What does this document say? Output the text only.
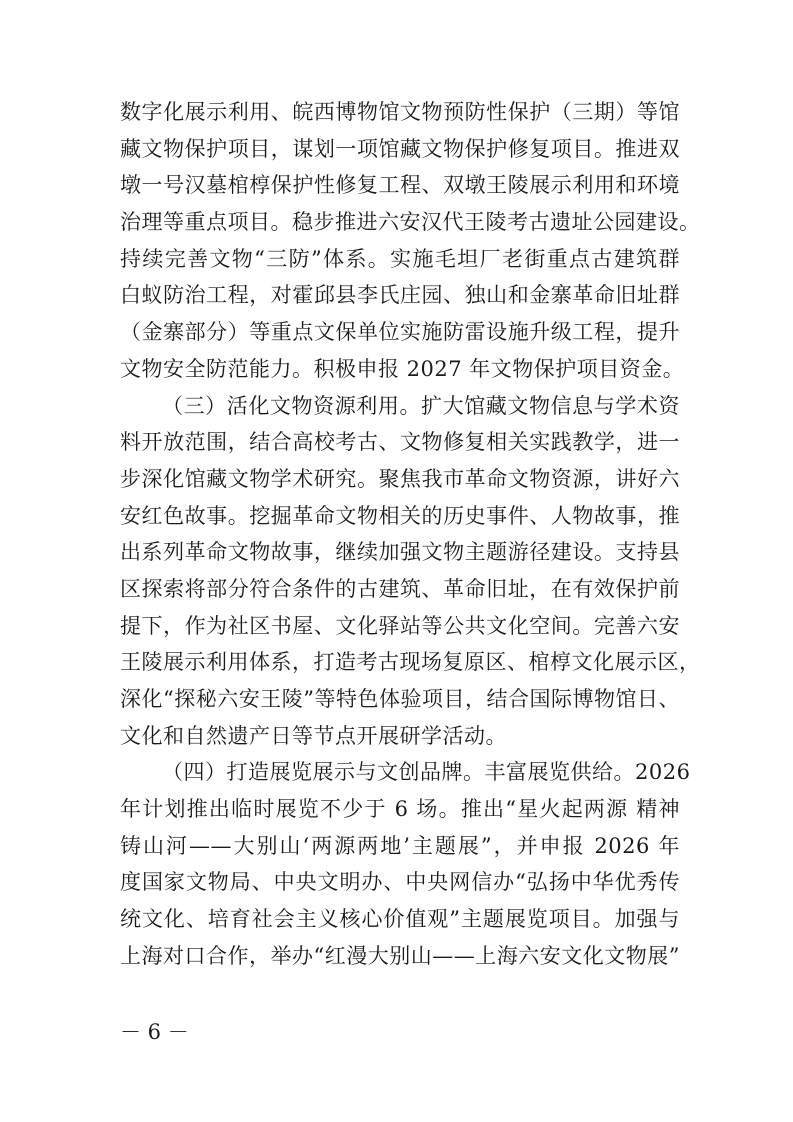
数字化展示利用、皖西博物馆文物预防性保护（三期）等馆
藏文物保护项目，谋划一项馆藏文物保护修复项目。推进双
墩一号汉墓棺椁保护性修复工程、双墩王陵展示利用和环境
治理等重点项目。稳步推进六安汉代王陵考古遗址公园建设。
持续完善文物“三防”体系。实施毛坦厂老街重点古建筑群
白蚁防治工程，对霍邱县李氏庄园、独山和金寨革命旧址群
（金寨部分）等重点文保单位实施防雷设施升级工程，提升
文物安全防范能力。积极申报 2027 年文物保护项目资金。
（三）活化文物资源利用。扩大馆藏文物信息与学术资
料开放范围，结合高校考古、文物修复相关实践教学，进一
步深化馆藏文物学术研究。聚焦我市革命文物资源，讲好六
安红色故事。挖掘革命文物相关的历史事件、人物故事，推
出系列革命文物故事，继续加强文物主题游径建设。支持县
区探索将部分符合条件的古建筑、革命旧址，在有效保护前
提下，作为社区书屋、文化驿站等公共文化空间。完善六安
王陵展示利用体系，打造考古现场复原区、棺椁文化展示区，
深化“探秘六安王陵”等特色体验项目，结合国际博物馆日、
文化和自然遗产日等节点开展研学活动。
（四）打造展览展示与文创品牌。丰富展览供给。2026
年计划推出临时展览不少于 6 场。推出“星火起两源 精神
铸山河——大别山‘两源两地’主题展”，并申报 2026 年
度国家文物局、中央文明办、中央网信办“弘扬中华优秀传
统文化、培育社会主义核心价值观”主题展览项目。加强与
上海对口合作，举办“红漫大别山——上海六安文化文物展”
－ 6 －
